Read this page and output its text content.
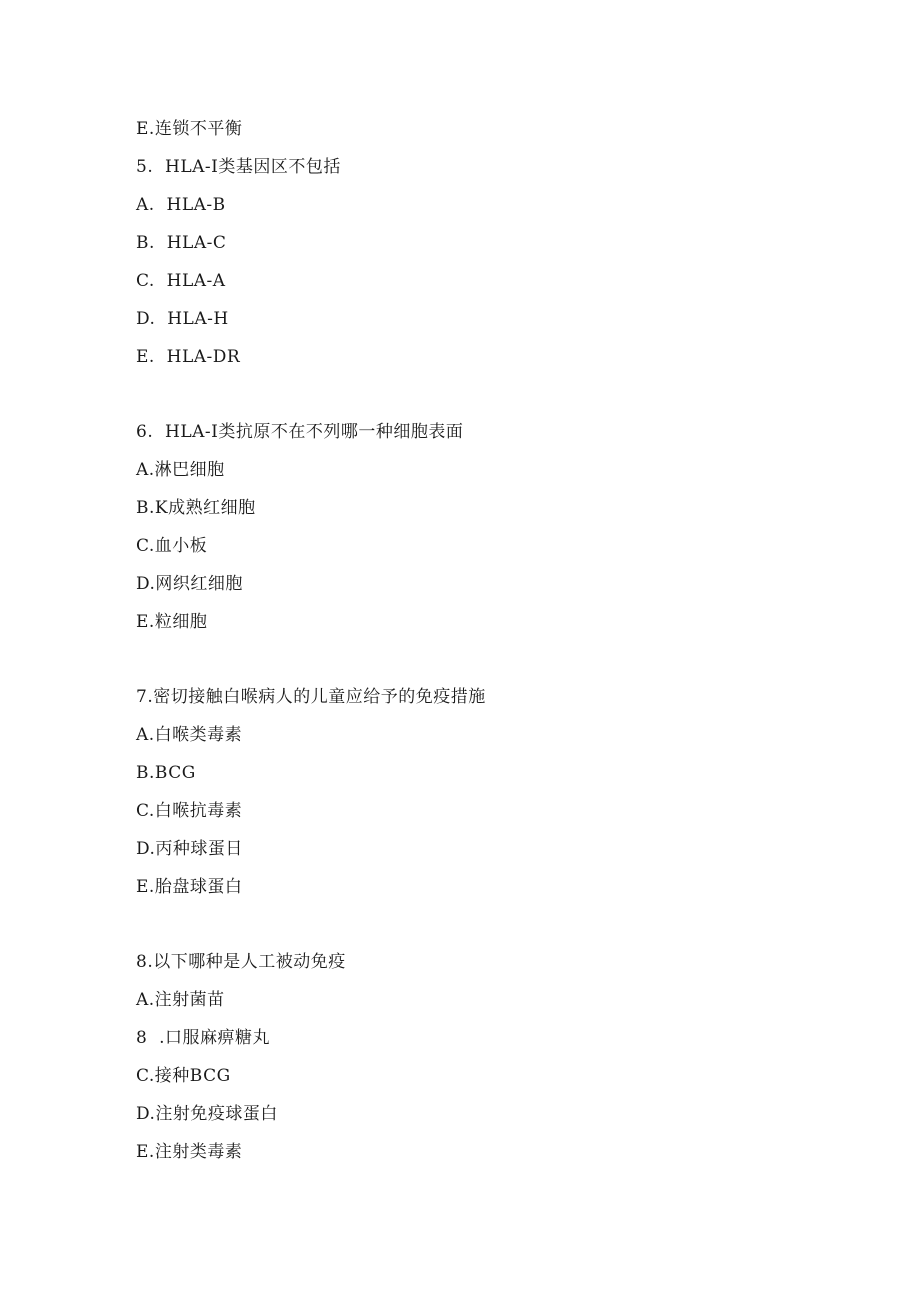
E.连锁不平衡
5.  HLA-I类基因区不包括
A.  HLA-B
B.  HLA-C
C.  HLA-A
D.  HLA-H
E.  HLA-DR
6.  HLA-I类抗原不在不列哪一种细胞表面
A.淋巴细胞
B.K成熟红细胞
C.血小板
D.网织红细胞
E.粒细胞
7.密切接触白喉病人的儿童应给予的免疫措施
A.白喉类毒素
B.BCG
C.白喉抗毒素
D.丙种球蛋日
E.胎盘球蛋白
8.以下哪种是人工被动免疫
A.注射菌苗
8  .口服麻痹糖丸
C.接种BCG
D.注射免疫球蛋白
E.注射类毒素
